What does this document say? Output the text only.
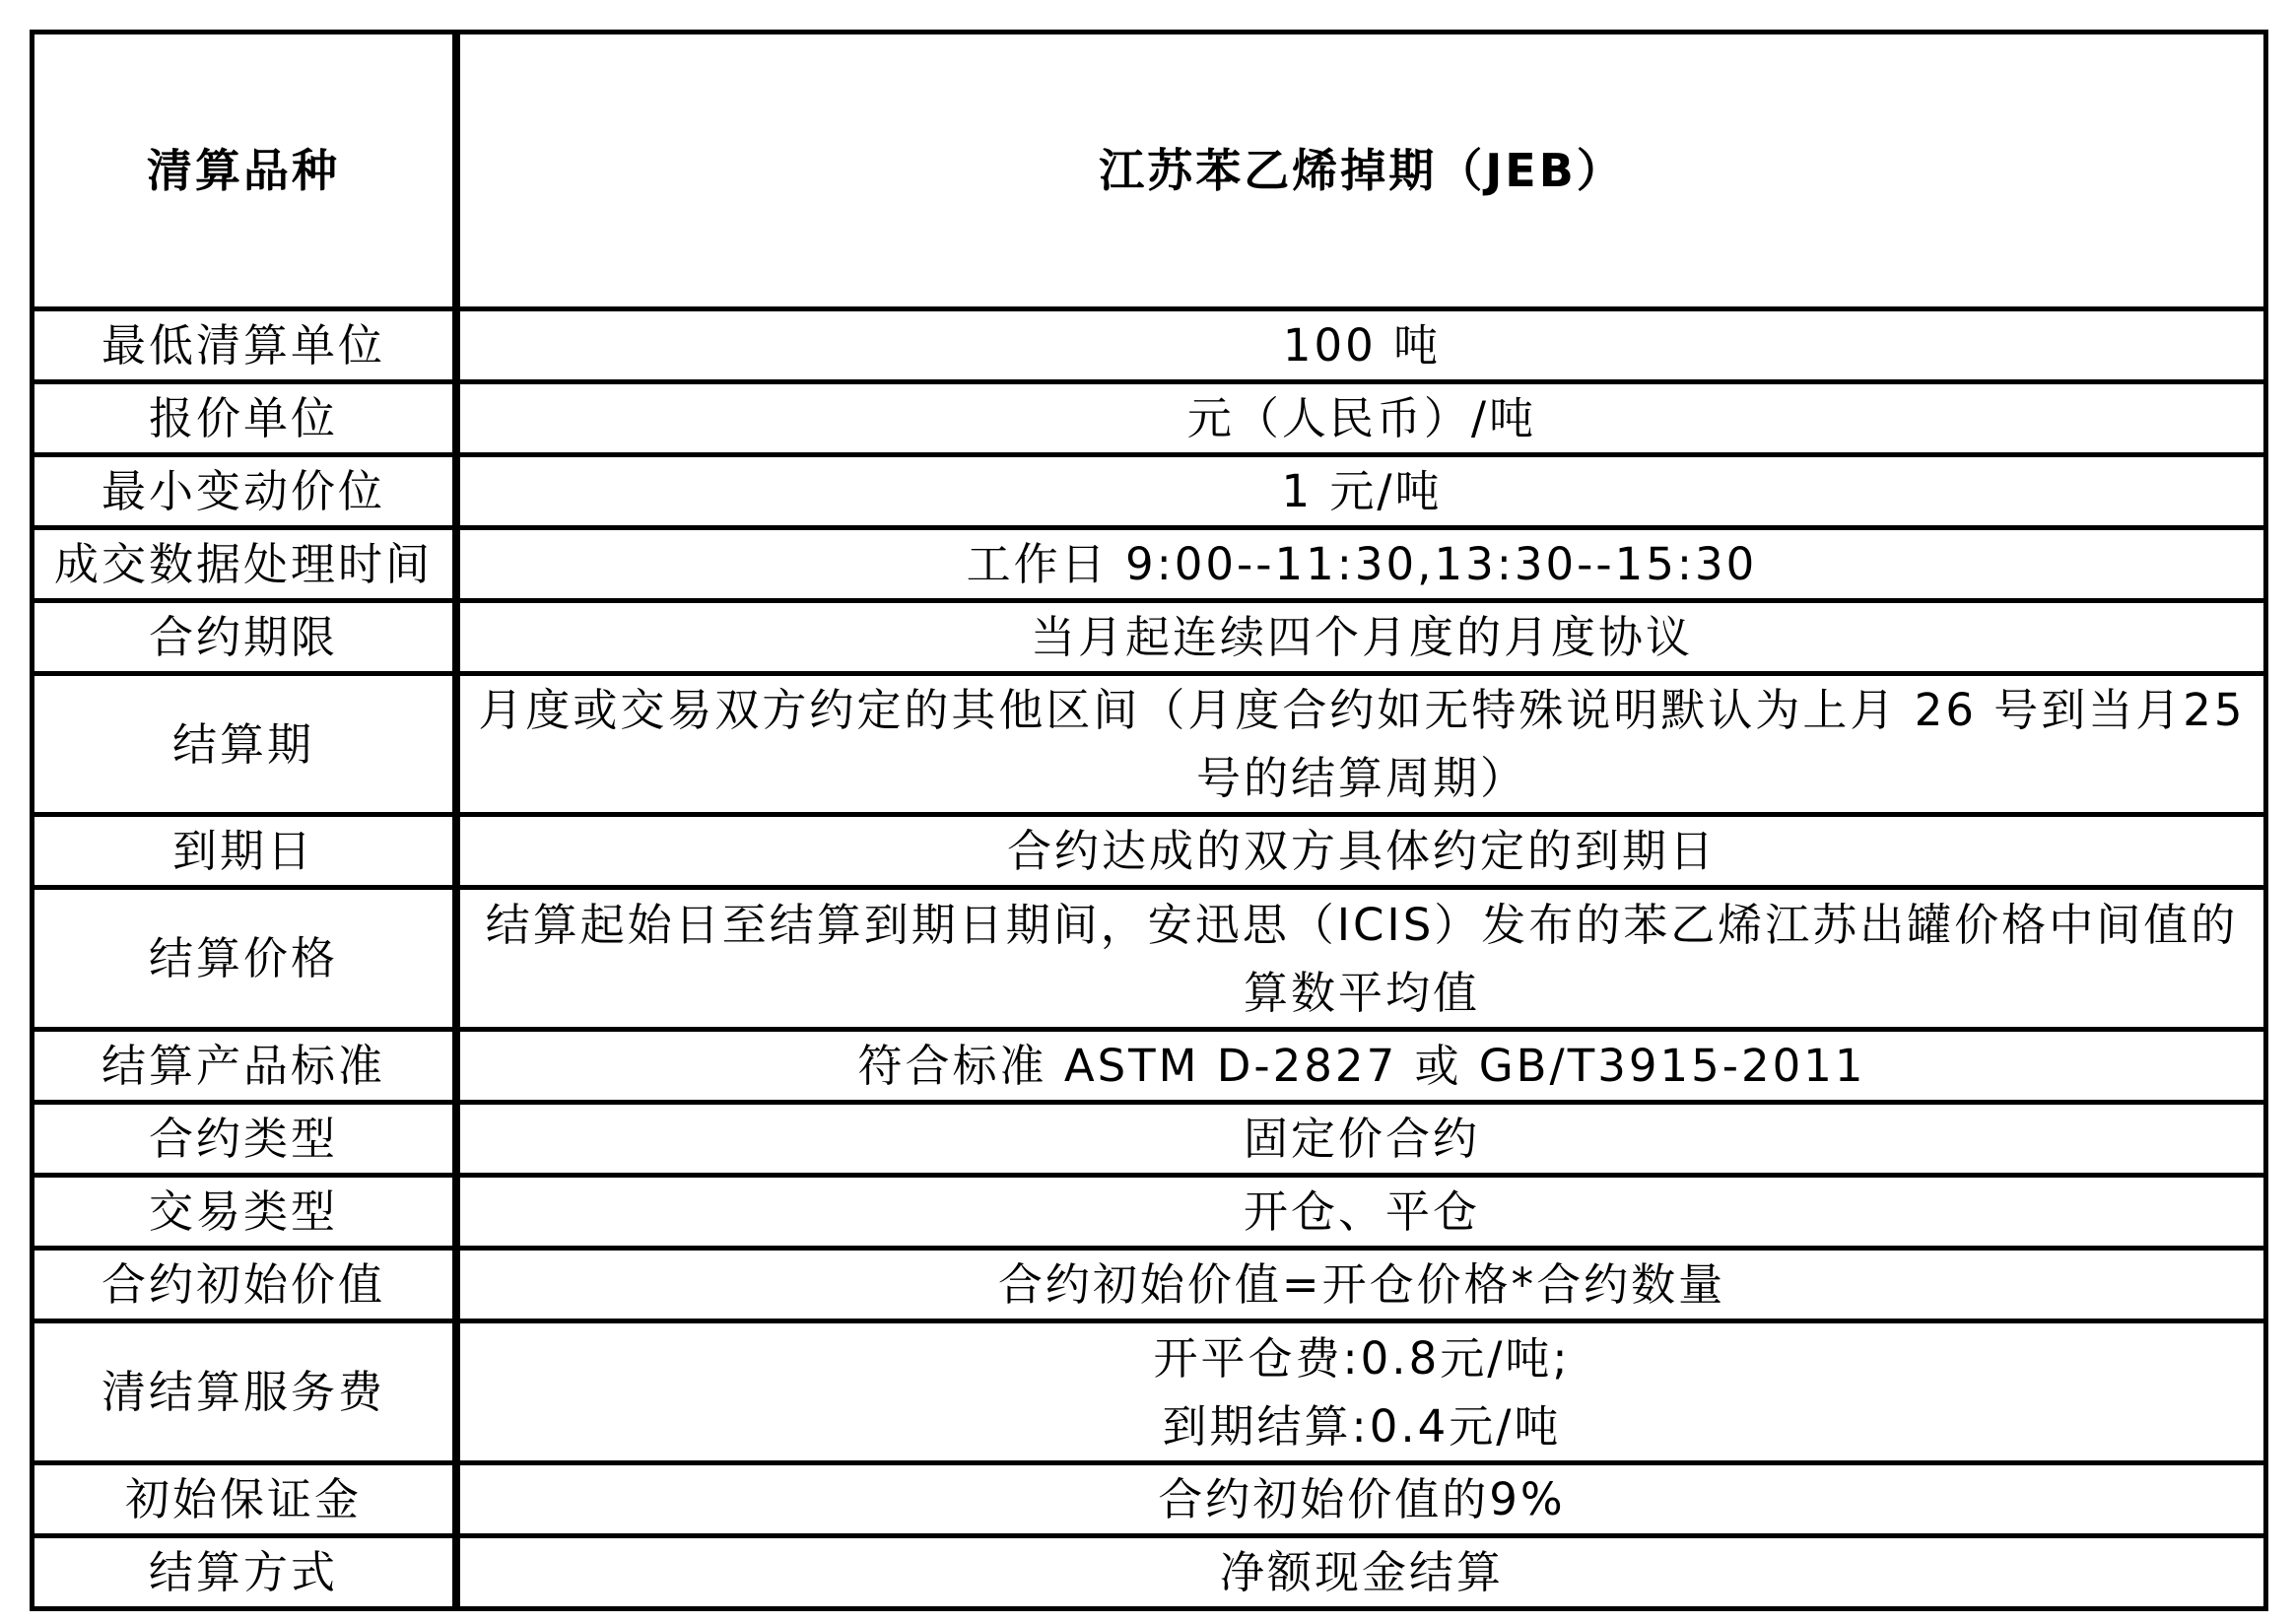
清算品种	江苏苯乙烯掉期（JEB）
最低清算单位	100 吨
报价单位	元（人民币）/吨
最小变动价位	1 元/吨
成交数据处理时间	工作日 9:00--11:30,13:30--15:30
合约期限	当月起连续四个月度的月度协议
结算期	月度或交易双方约定的其他区间（月度合约如无特殊说明默认为上月 26 号到当月25号的结算周期）
到期日	合约达成的双方具体约定的到期日
结算价格	结算起始日至结算到期日期间，安迅思（ICIS）发布的苯乙烯江苏出罐价格中间值的算数平均值
结算产品标准	符合标准 ASTM D-2827 或 GB/T3915-2011
合约类型	固定价合约
交易类型	开仓、平仓
合约初始价值	合约初始价值=开仓价格*合约数量
清结算服务费	开平仓费:0.8元/吨;
到期结算:0.4元/吨

初始保证金	合约初始价值的9%
结算方式	净额现金结算
